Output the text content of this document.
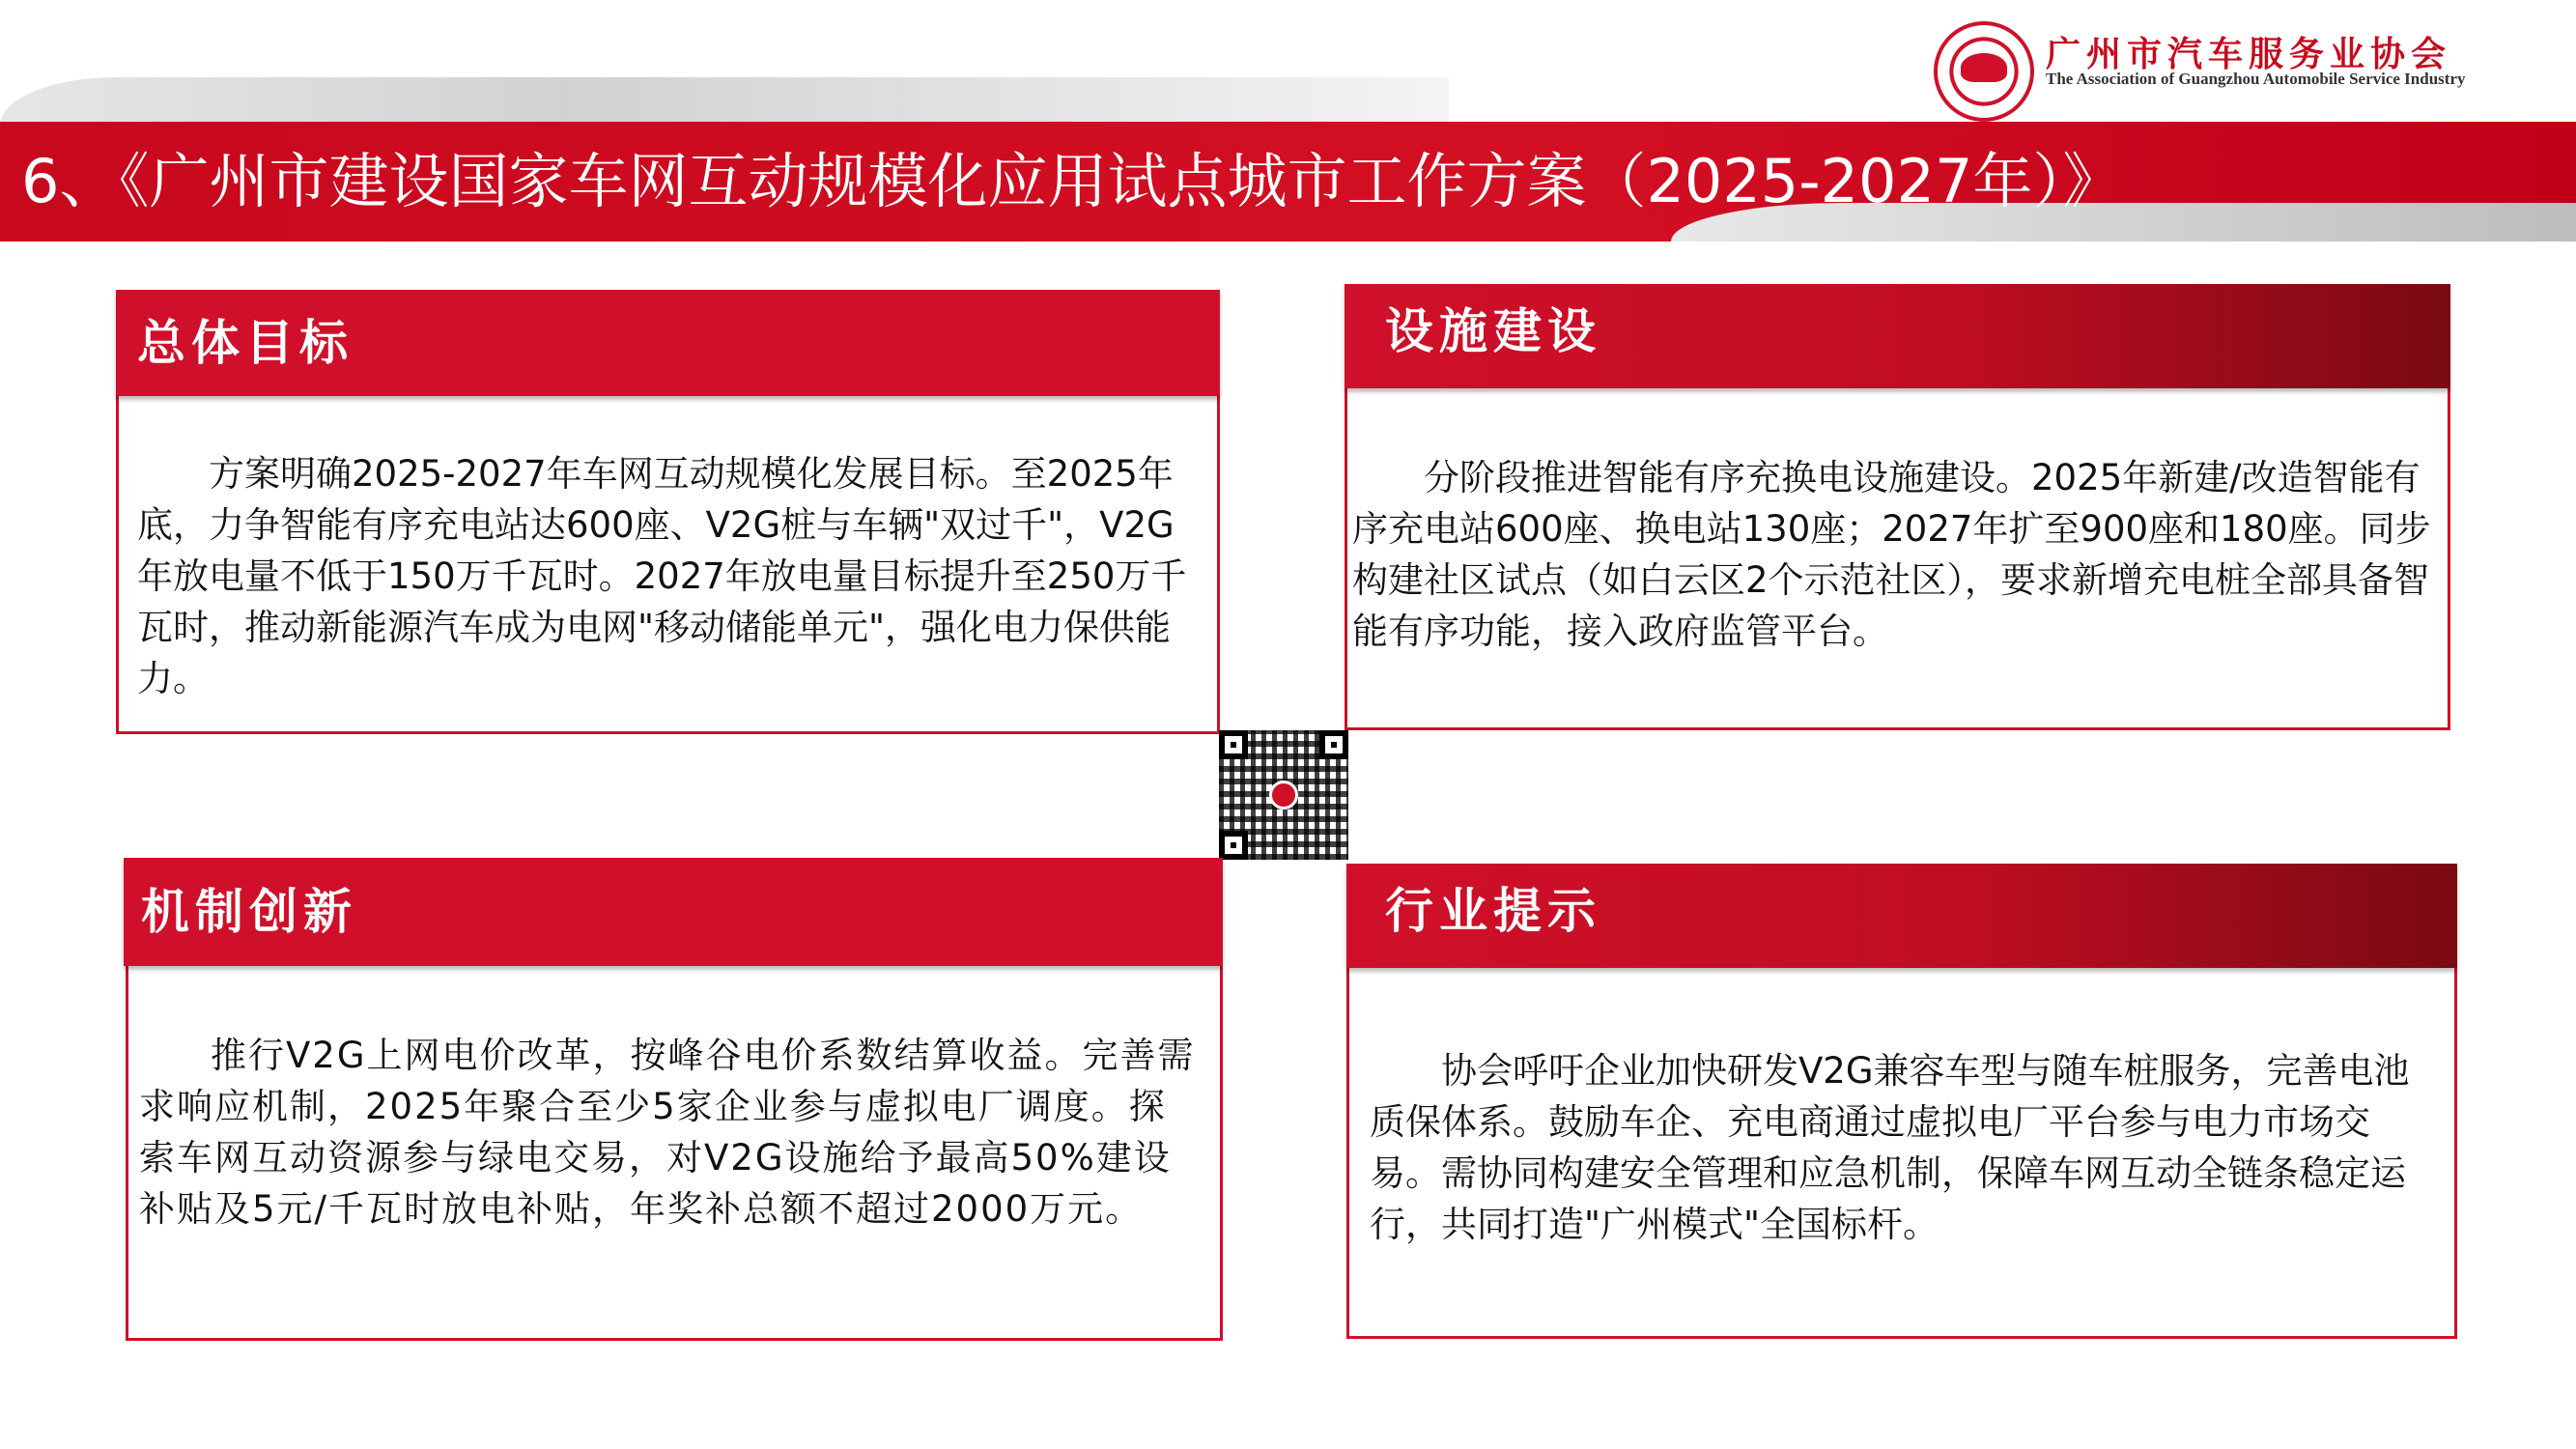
6、《广州市建设国家车网互动规模化应用试点城市工作方案（2025-2027年）》
广州市汽车服务业协会
The Association of Guangzhou Automobile Service Industry
总体目标
方案明确2025-2027年车网互动规模化发展目标。至2025年底，力争智能有序充电站达600座、V2G桩与车辆"双过千"，V2G年放电量不低于150万千瓦时。2027年放电量目标提升至250万千瓦时，推动新能源汽车成为电网"移动储能单元"，强化电力保供能力。
设施建设
分阶段推进智能有序充换电设施建设。2025年新建/改造智能有序充电站600座、换电站130座；2027年扩至900座和180座。同步构建社区试点（如白云区2个示范社区），要求新增充电桩全部具备智能有序功能，接入政府监管平台。
机制创新
推行V2G上网电价改革，按峰谷电价系数结算收益。完善需求响应机制，2025年聚合至少5家企业参与虚拟电厂调度。探索车网互动资源参与绿电交易，对V2G设施给予最高50%建设补贴及5元/千瓦时放电补贴，年奖补总额不超过2000万元。
行业提示
协会呼吁企业加快研发V2G兼容车型与随车桩服务，完善电池质保体系。鼓励车企、充电商通过虚拟电厂平台参与电力市场交易。需协同构建安全管理和应急机制，保障车网互动全链条稳定运行，共同打造"广州模式"全国标杆。
